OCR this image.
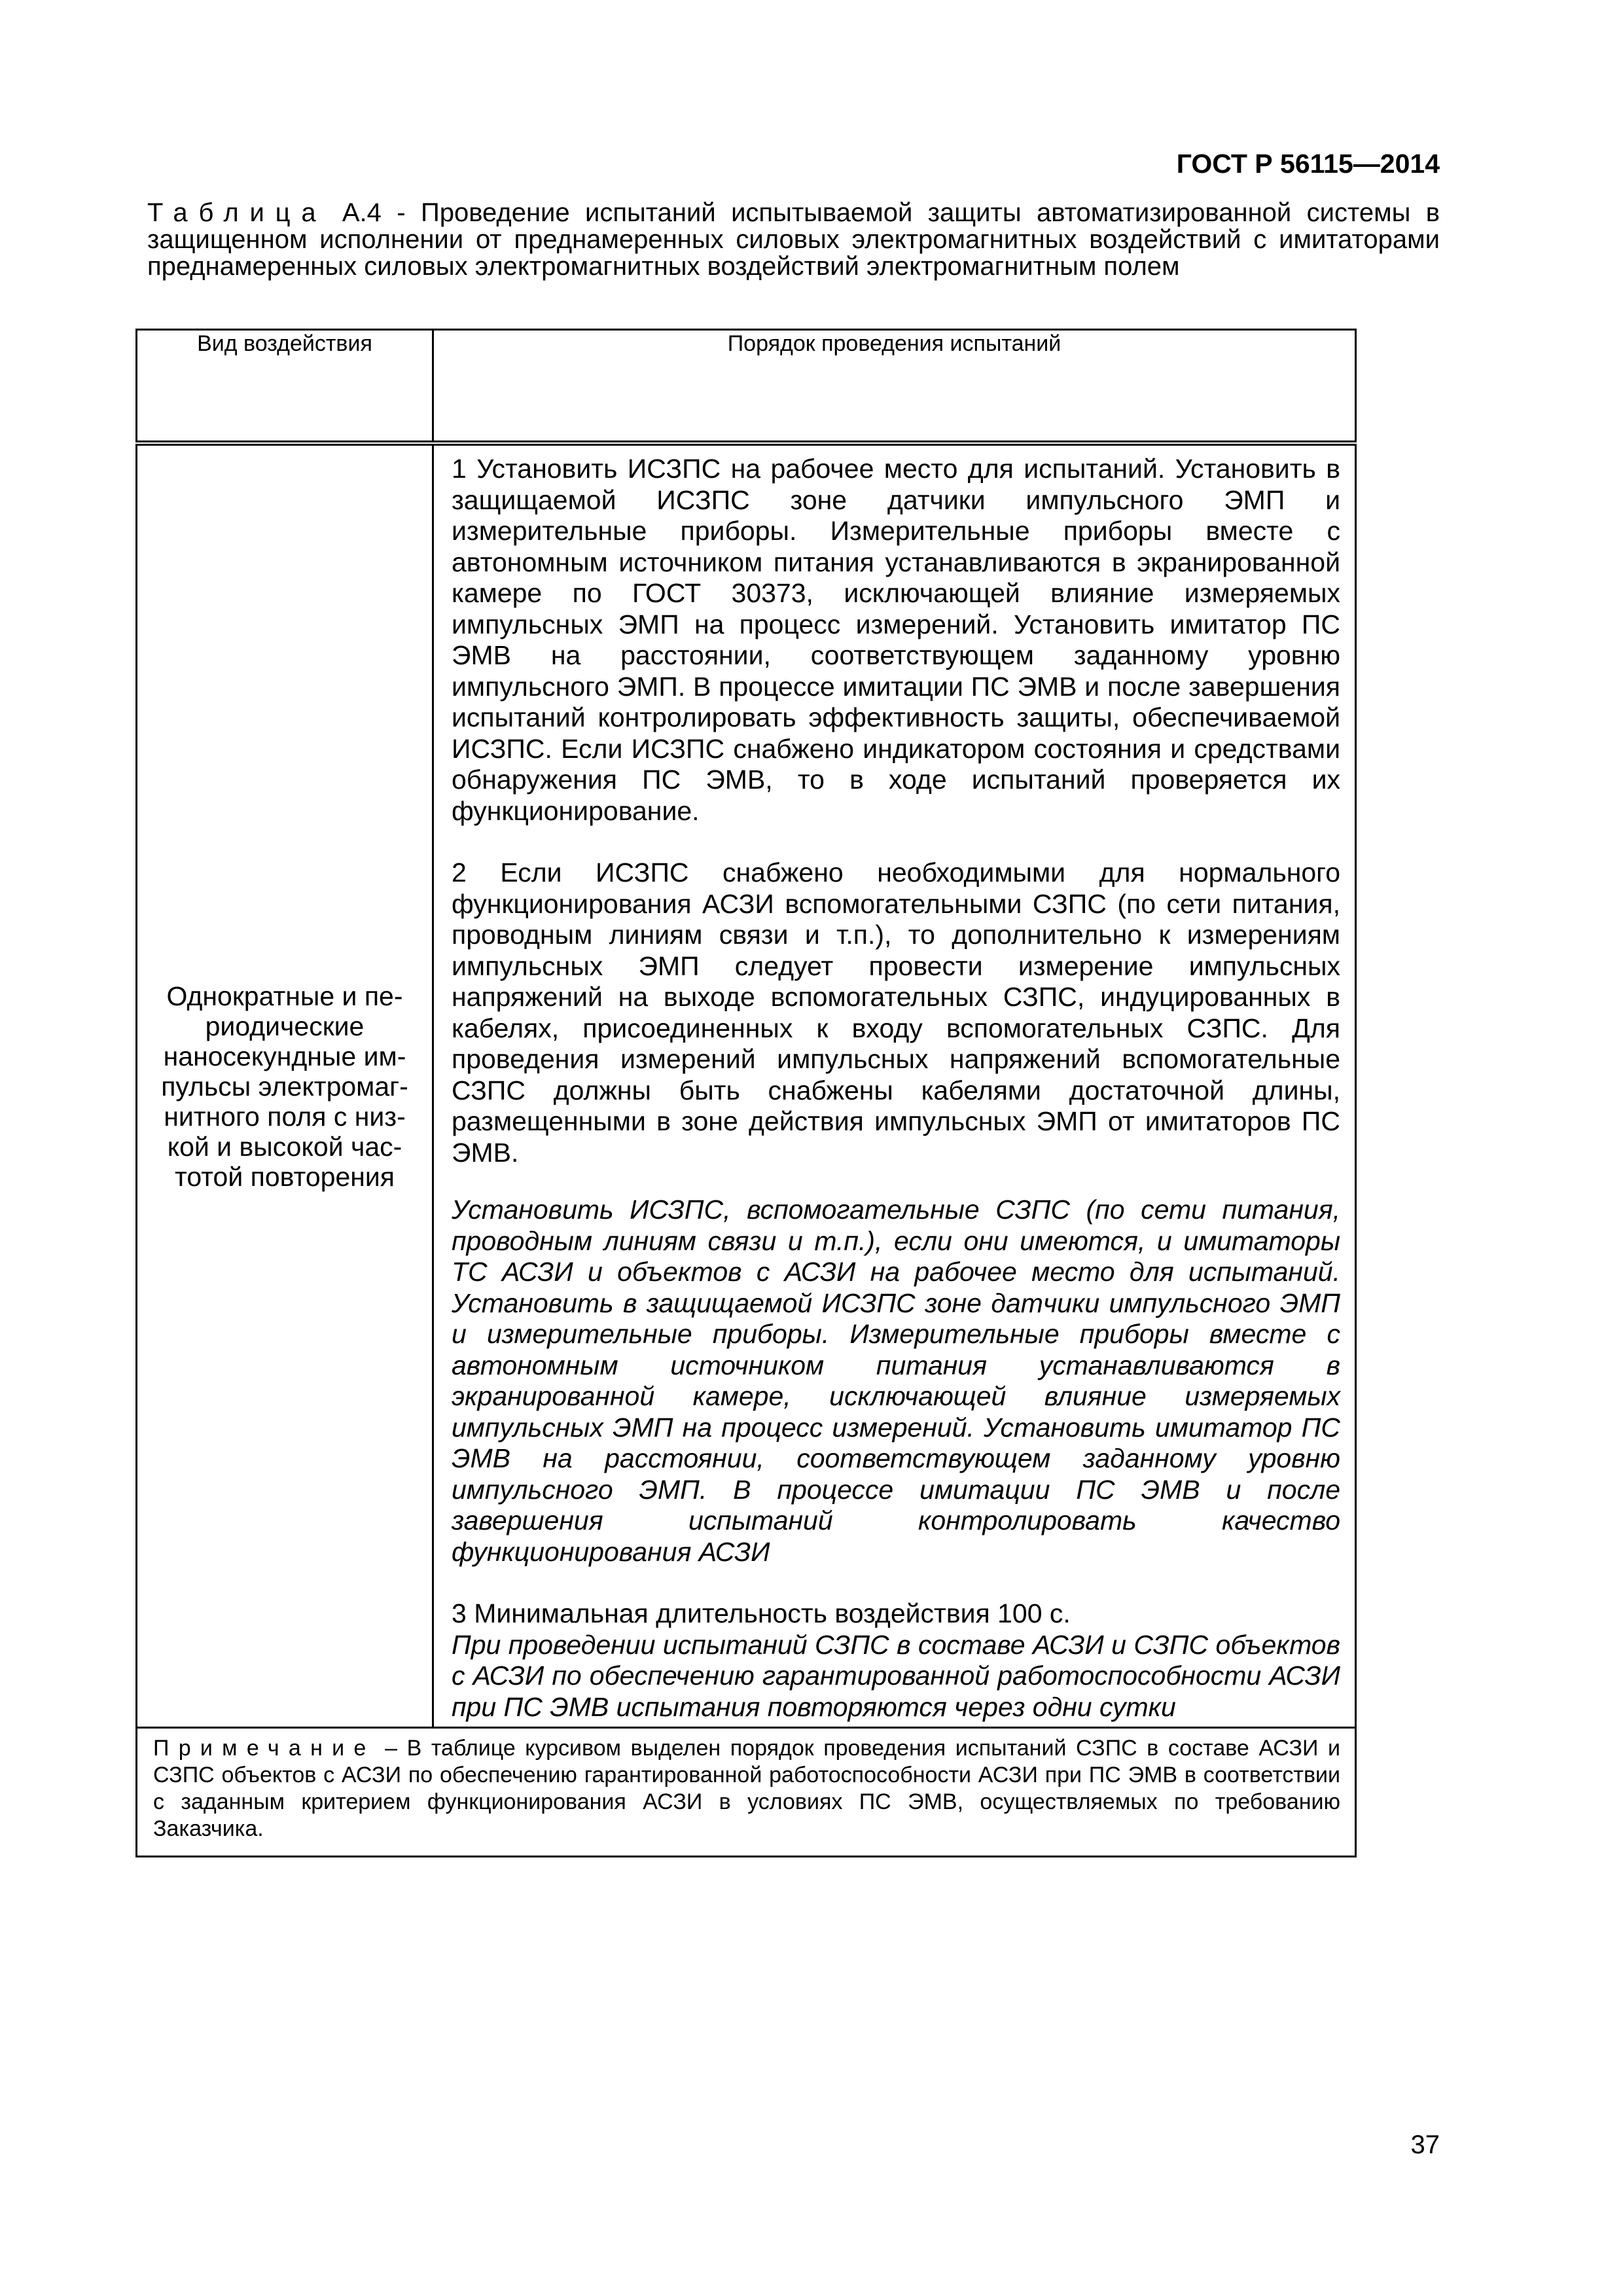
ГОСТ Р 56115—2014
Таблица А.4 - Проведение испытаний испытываемой защиты автоматизированной системы в защищенном исполнении от преднамеренных силовых электромагнитных воздействий с имитаторами преднамеренных силовых электромагнитных воздействий электромагнитным полем
Вид воздействия	Порядок проведения испытаний
Однократные и пе-риодические наносекундные им-пульсы электромаг-нитного поля с низ-кой и высокой час-тотой повторения	1 Установить ИСЗПС на рабочее место для испытаний. Установить в защищаемой ИСЗПС зоне датчики импульсного ЭМП и измерительные приборы. Измерительные приборы вместе с автономным источником питания устанавливаются в экранированной камере по ГОСТ 30373, исключающей влияние измеряемых импульсных ЭМП на процесс измерений. Установить имитатор ПС ЭМВ на расстоянии, соответствующем заданному уровню импульсного ЭМП. В процессе имитации ПС ЭМВ и после завершения испытаний контролировать эффективность защиты, обеспечиваемой ИСЗПС. Если ИСЗПС снабжено индикатором состояния и средствами обнаружения ПС ЭМВ, то в ходе испытаний проверяется их функционирование.

2 Если ИСЗПС снабжено необходимыми для нормального функционирования АСЗИ вспомогательными СЗПС (по сети питания, проводным линиям связи и т.п.), то дополнительно к измерениям импульсных ЭМП следует провести измерение импульсных напряжений на выходе вспомогательных СЗПС, индуцированных в кабелях, присоединенных к входу вспомогательных СЗПС. Для проведения измерений импульсных напряжений вспомогательные СЗПС должны быть снабжены кабелями достаточной длины, размещенными в зоне действия импульсных ЭМП от имитаторов ПС ЭМВ.

Установить ИСЗПС, вспомогательные СЗПС (по сети питания, проводным линиям связи и т.п.), если они имеются, и имитаторы ТС АСЗИ и объектов с АСЗИ на рабочее место для испытаний. Установить в защищаемой ИСЗПС зоне датчики импульсного ЭМП и измерительные приборы. Измерительные приборы вместе с автономным источником питания устанавливаются в экранированной камере, исключающей влияние измеряемых импульсных ЭМП на процесс измерений. Установить имитатор ПС ЭМВ на расстоянии, соответствующем заданному уровню импульсного ЭМП. В процессе имитации ПС ЭМВ и после завершения испытаний контролировать качество функционирования АСЗИ

3 Минимальная длительность воздействия 100 с.

При проведении испытаний СЗПС в составе АСЗИ и СЗПС объектов с АСЗИ по обеспечению гарантированной работоспособности АСЗИ при ПС ЭМВ испытания повторяются через одни сутки

Примечание – В таблице курсивом выделен порядок проведения испытаний СЗПС в составе АСЗИ и СЗПС объектов с АСЗИ по обеспечению гарантированной работоспособности АСЗИ при ПС ЭМВ в соответствии с заданным критерием функционирования АСЗИ в условиях ПС ЭМВ, осуществляемых по требованию Заказчика.	
37
